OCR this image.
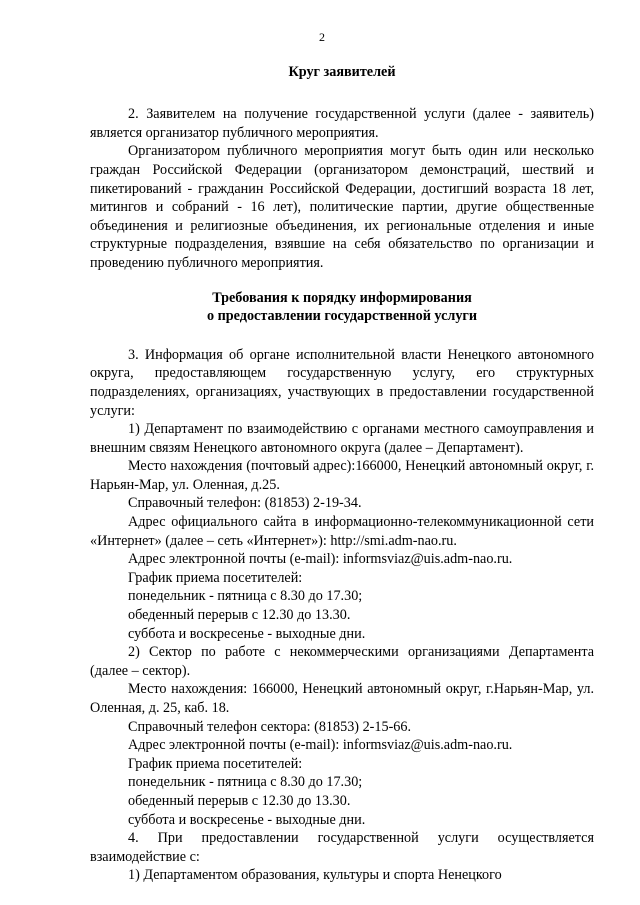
2
Круг заявителей

2. Заявителем на получение государственной услуги (далее - заявитель) является организатор публичного мероприятия.

Организатором публичного мероприятия могут быть один или несколько граждан Российской Федерации (организатором демонстраций, шествий и пикетирований - гражданин Российской Федерации, достигший возраста 18 лет, митингов и собраний - 16 лет), политические партии, другие общественные объединения и религиозные объединения, их региональные отделения и иные структурные подразделения, взявшие на себя обязательство по организации и проведению публичного мероприятия.

Требования к порядку информирования
о предоставлении государственной услуги

3. Информация об органе исполнительной власти Ненецкого автономного округа, предоставляющем государственную услугу, его структурных подразделениях, организациях, участвующих в предоставлении государственной услуги:

1) Департамент по взаимодействию с органами местного самоуправления и внешним связям Ненецкого автономного округа (далее – Департамент).

Место нахождения (почтовый адрес):166000, Ненецкий автономный округ, г. Нарьян-Мар, ул. Оленная, д.25.

Справочный телефон: (81853) 2-19-34.

Адрес официального сайта в информационно-телекоммуникационной сети «Интернет» (далее – сеть «Интернет»): http://smi.adm-nao.ru.

Адрес электронной почты (e-mail): informsviaz@uis.adm-nao.ru.

График приема посетителей:

понедельник - пятница с 8.30 до 17.30;

обеденный перерыв с 12.30 до 13.30.

суббота и воскресенье - выходные дни.

2) Сектор по работе с некоммерческими организациями Департамента (далее – сектор).

Место нахождения: 166000, Ненецкий автономный округ, г.Нарьян-Мар, ул. Оленная, д. 25, каб. 18.

Справочный телефон сектора: (81853) 2-15-66.

Адрес электронной почты (e-mail): informsviaz@uis.adm-nao.ru.

График приема посетителей:

понедельник - пятница с 8.30 до 17.30;

обеденный перерыв с 12.30 до 13.30.

суббота и воскресенье - выходные дни.

4. При предоставлении государственной услуги осуществляется взаимодействие с:

1) Департаментом образования, культуры и спорта Ненецкого
